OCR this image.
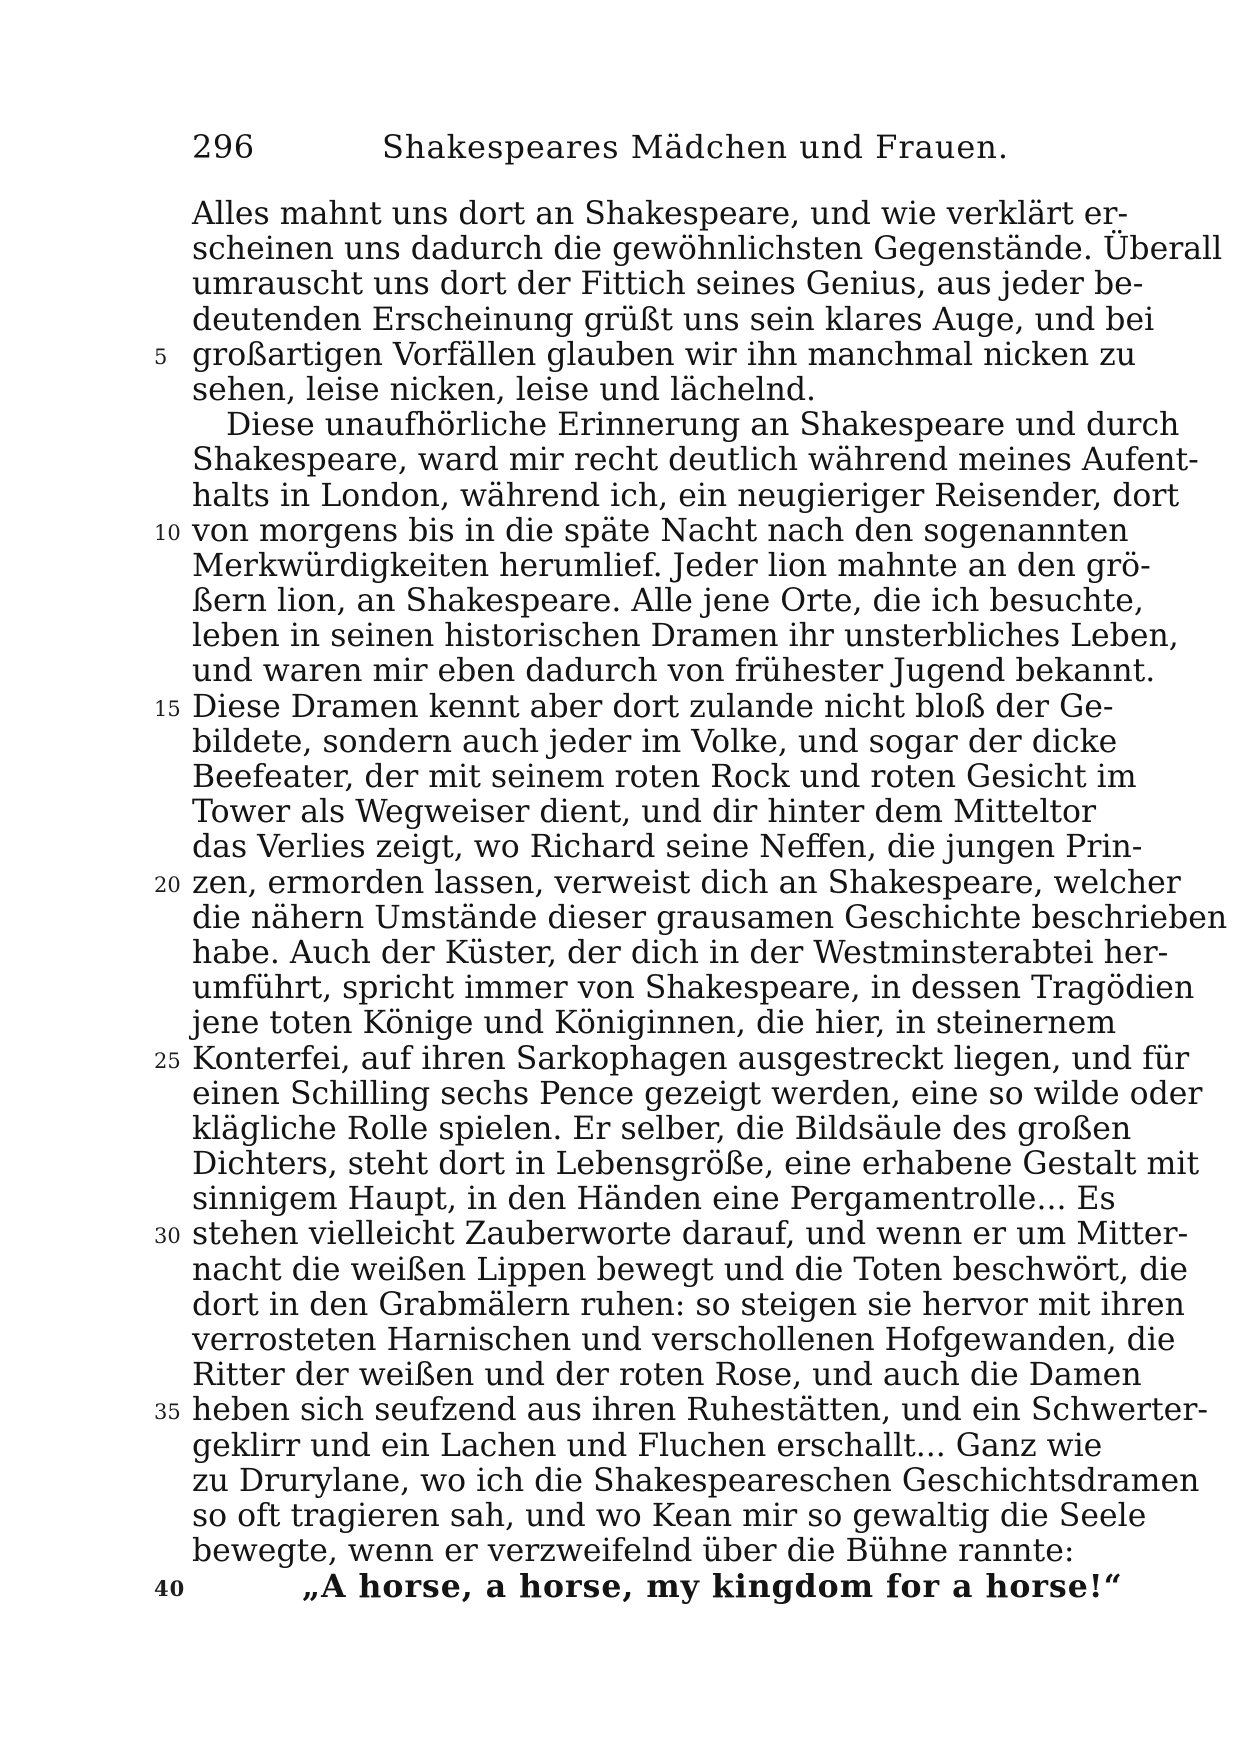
296	Shakespeares Mädchen und Frauen.
Alles mahnt uns dort an Shakespeare, und wie verklärt er-
scheinen uns dadurch die gewöhnlichsten Gegenstände. Überall
umrauscht uns dort der Fittich seines Genius, aus jeder be-
deutenden Erscheinung grüßt uns sein klares Auge, und bei
5 großartigen Vorfällen glauben wir ihn manchmal nicken zu
sehen, leise nicken, leise und lächelnd.
Diese unaufhörliche Erinnerung an Shakespeare und durch
Shakespeare, ward mir recht deutlich während meines Aufent-
halts in London, während ich, ein neugieriger Reisender, dort
10 von morgens bis in die späte Nacht nach den sogenannten
Merkwürdigkeiten herumlief. Jeder lion mahnte an den grö-
ßern lion, an Shakespeare. Alle jene Orte, die ich besuchte,
leben in seinen historischen Dramen ihr unsterbliches Leben,
und waren mir eben dadurch von frühester Jugend bekannt.
15 Diese Dramen kennt aber dort zulande nicht bloß der Ge-
bildete, sondern auch jeder im Volke, und sogar der dicke
Beefeater, der mit seinem roten Rock und roten Gesicht im
Tower als Wegweiser dient, und dir hinter dem Mitteltor
das Verlies zeigt, wo Richard seine Neffen, die jungen Prin-
20 zen, ermorden lassen, verweist dich an Shakespeare, welcher
die nähern Umstände dieser grausamen Geschichte beschrieben
habe. Auch der Küster, der dich in der Westminsterabtei her-
umführt, spricht immer von Shakespeare, in dessen Tragödien
jene toten Könige und Königinnen, die hier, in steinernem
25 Konterfei, auf ihren Sarkophagen ausgestreckt liegen, und für
einen Schilling sechs Pence gezeigt werden, eine so wilde oder
klägliche Rolle spielen. Er selber, die Bildsäule des großen
Dichters, steht dort in Lebensgröße, eine erhabene Gestalt mit
sinnigem Haupt, in den Händen eine Pergamentrolle... Es
30 stehen vielleicht Zauberworte darauf, und wenn er um Mitter-
nacht die weißen Lippen bewegt und die Toten beschwört, die
dort in den Grabmälern ruhen: so steigen sie hervor mit ihren
verrosteten Harnischen und verschollenen Hofgewanden, die
Ritter der weißen und der roten Rose, und auch die Damen
35 heben sich seufzend aus ihren Ruhestätten, und ein Schwerter-
geklirr und ein Lachen und Fluchen erschallt... Ganz wie
zu Drurylane, wo ich die Shakespeareschen Geschichtsdramen
so oft tragieren sah, und wo Kean mir so gewaltig die Seele
bewegte, wenn er verzweifelnd über die Bühne rannte:
40	„A horse, a horse, my kingdom for a horse!“
